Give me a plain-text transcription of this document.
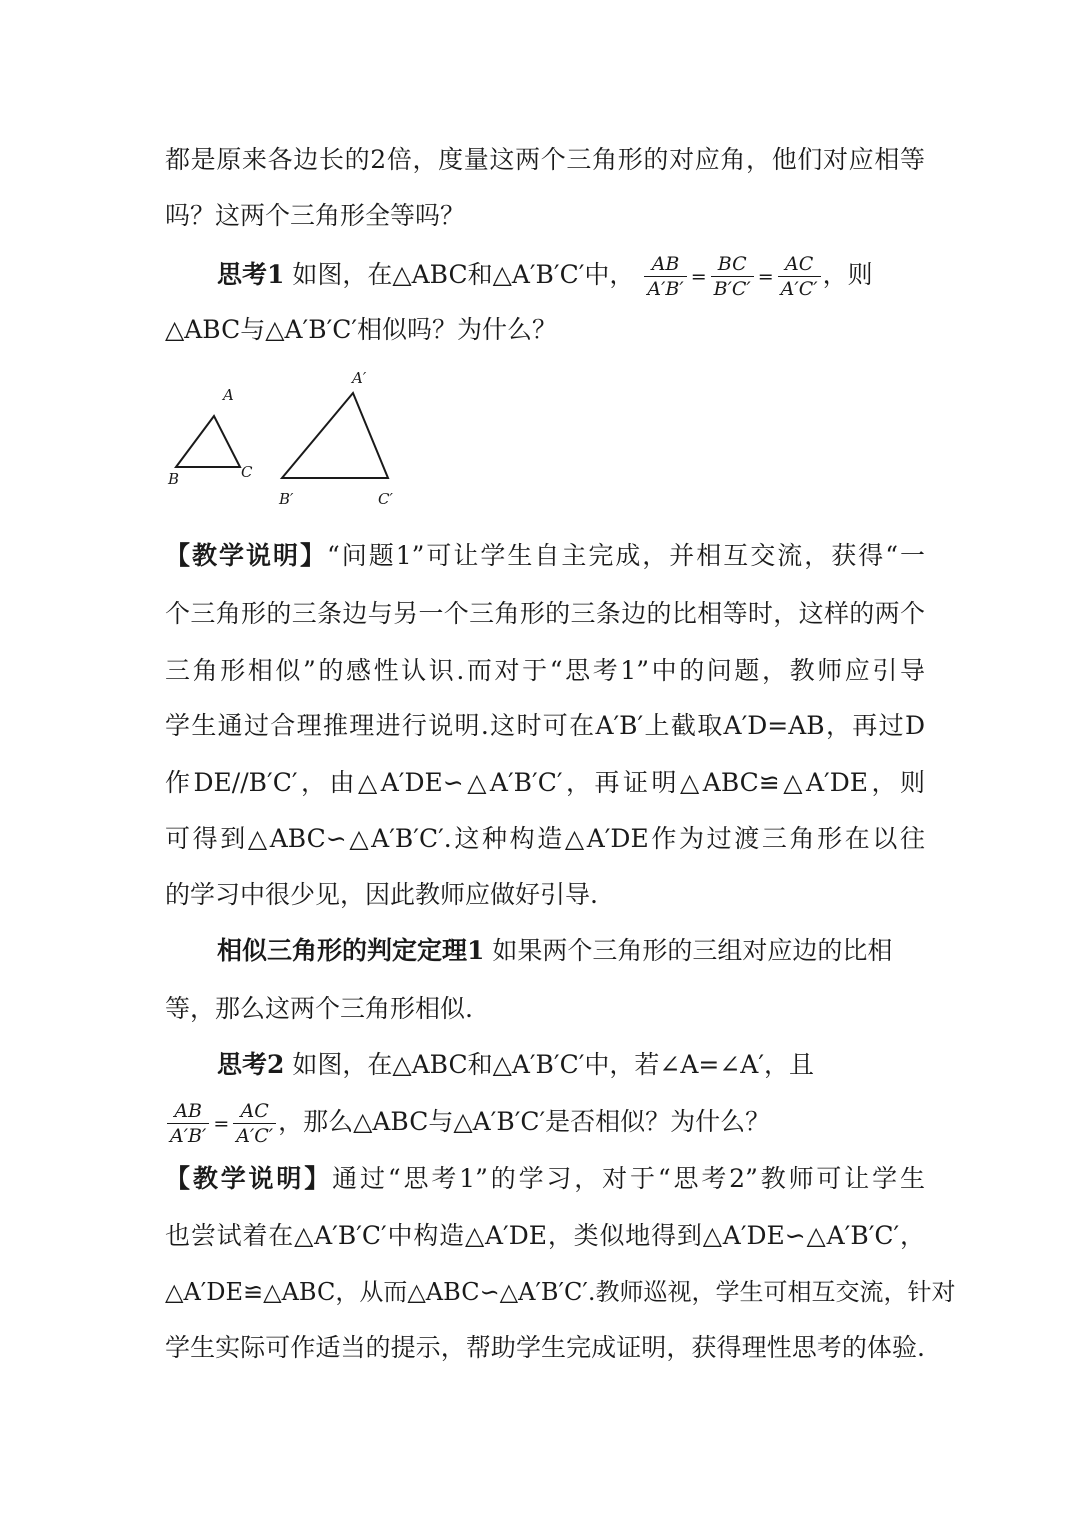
都是原来各边长的2倍，度量这两个三角形的对应角，他们对应相等
吗？这两个三角形全等吗？
思考1 如图，在△ABC和△A′B′C′中， $\frac{AB}{A'B'} = \frac{BC}{B'C'} = \frac{AC}{A'C'}$ ，则
△ABC与△A′B′C′相似吗？为什么？
A
B	C
A′
B′	C′
【教学说明】“问题1”可让学生自主完成，并相互交流，获得“一
个三角形的三条边与另一个三角形的三条边的比相等时，这样的两个
三角形相似”的感性认识.而对于“思考1”中的问题，教师应引导
学生通过合理推理进行说明.这时可在A′B′上截取A′D=AB，再过D
作DE//B′C′，由△A′DE∽△A′B′C′，再证明△ABC≌△A′DE，则
可得到△ABC∽△A′B′C′.这种构造△A′DE作为过渡三角形在以往
的学习中很少见，因此教师应做好引导.
相似三角形的判定定理1 如果两个三角形的三组对应边的比相
等，那么这两个三角形相似.
思考2 如图，在△ABC和△A′B′C′中，若∠A=∠A′，且
$\frac{AB}{A'B'} = \frac{AC}{A'C'}$ ，那么△ABC与△A′B′C′是否相似？为什么？
【教学说明】通过“思考1”的学习，对于“思考2”教师可让学生
也尝试着在△A′B′C′中构造△A′DE，类似地得到△A′DE∽△A′B′C′，
△A′DE≌△ABC，从而△ABC∽△A′B′C′.教师巡视，学生可相互交流，针对
学生实际可作适当的提示，帮助学生完成证明，获得理性思考的体验.
